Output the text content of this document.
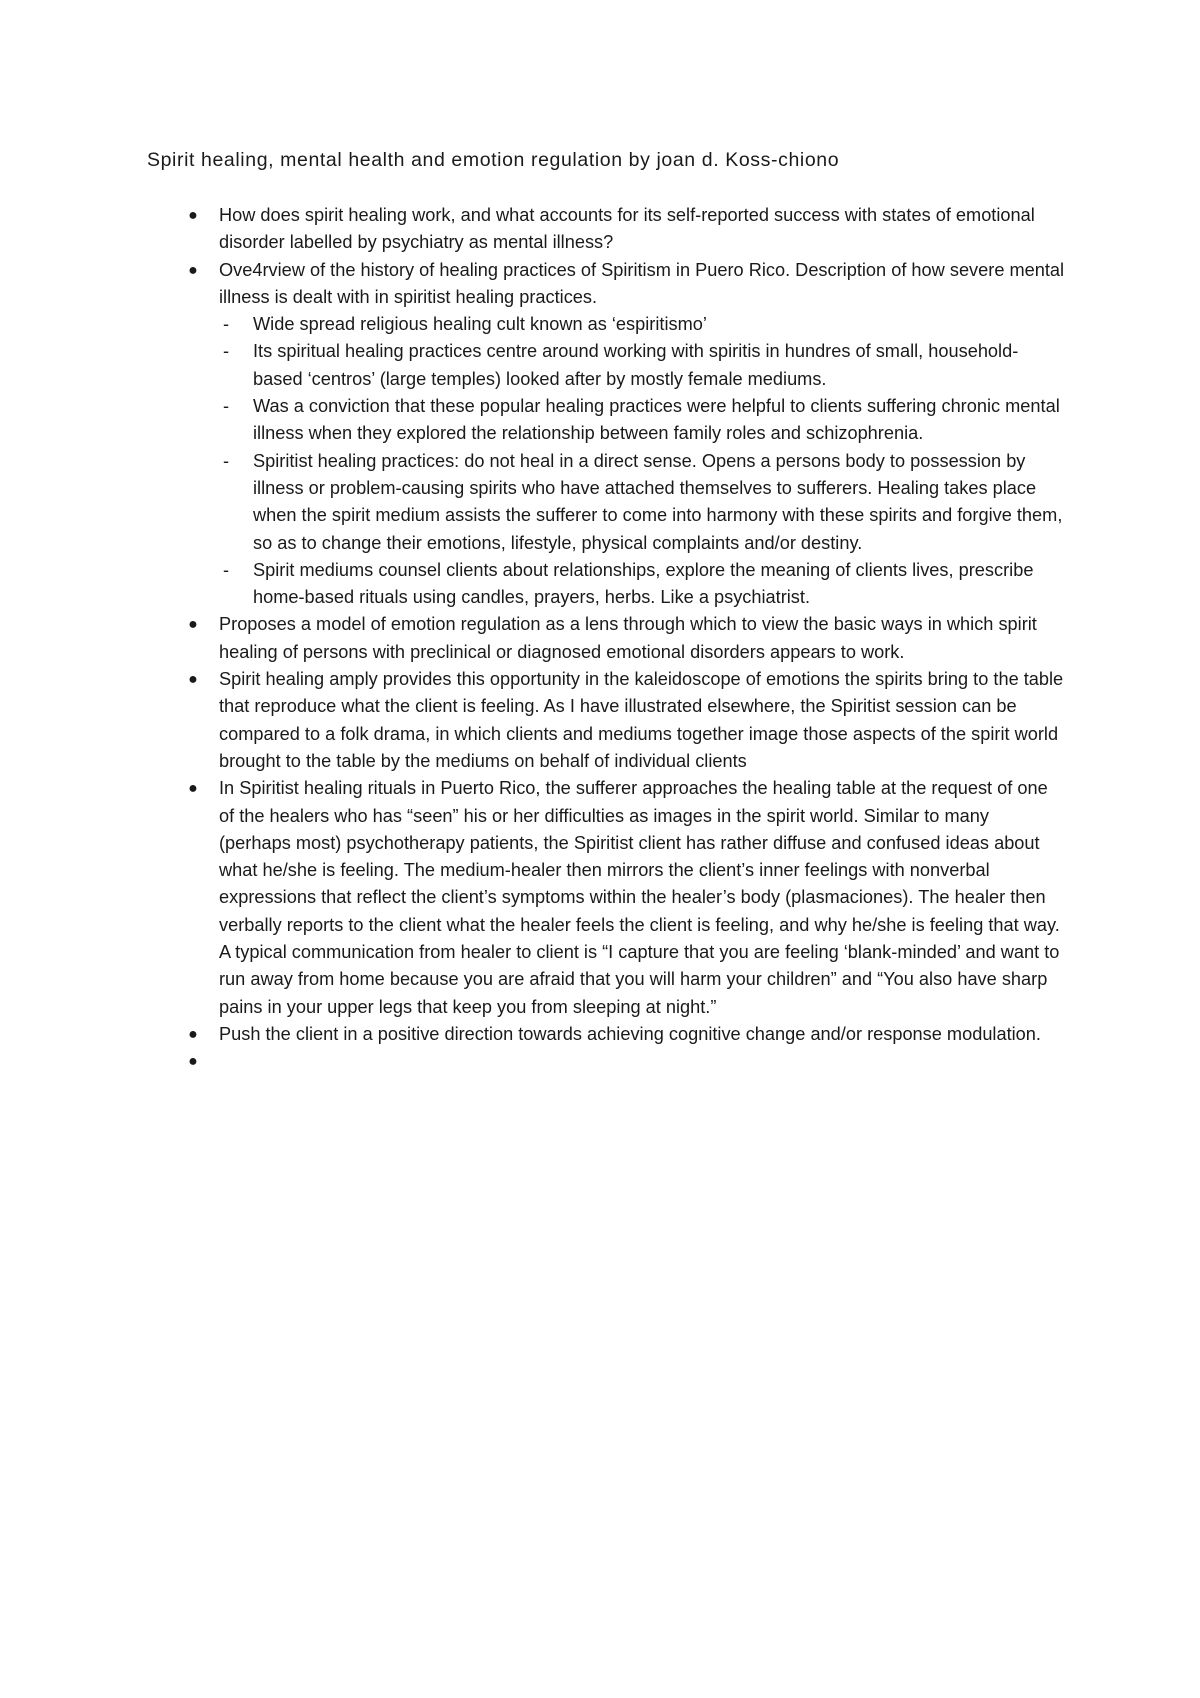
Spirit healing, mental health and emotion regulation by joan d. Koss-chiono

● How does spirit healing work, and what accounts for its self-reported success with states of emotional disorder labelled by psychiatry as mental illness?
● Ove4rview of the history of healing practices of Spiritism in Puero Rico. Description of how severe mental illness is dealt with in spiritist healing practices.
- Wide spread religious healing cult known as ‘espiritismo’
- Its spiritual healing practices centre around working with spiritis in hundres of small, household-based ‘centros’ (large temples) looked after by mostly female mediums.
- Was a conviction that these popular healing practices were helpful to clients suffering chronic mental illness when they explored the relationship between family roles and schizophrenia.
- Spiritist healing practices: do not heal in a direct sense. Opens a persons body to possession by illness or problem-causing spirits who have attached themselves to sufferers. Healing takes place when the spirit medium assists the sufferer to come into harmony with these spirits and forgive them, so as to change their emotions, lifestyle, physical complaints and/or destiny.
- Spirit mediums counsel clients about relationships, explore the meaning of clients lives, prescribe home-based rituals using candles, prayers, herbs. Like a psychiatrist.
● Proposes a model of emotion regulation as a lens through which to view the basic ways in which spirit healing of persons with preclinical or diagnosed emotional disorders appears to work.
● Spirit healing amply provides this opportunity in the kaleidoscope of emotions the spirits bring to the table that reproduce what the client is feeling. As I have illustrated elsewhere, the Spiritist session can be compared to a folk drama, in which clients and mediums together image those aspects of the spirit world brought to the table by the mediums on behalf of individual clients
● In Spiritist healing rituals in Puerto Rico, the sufferer approaches the healing table at the request of one of the healers who has “seen” his or her difficulties as images in the spirit world. Similar to many (perhaps most) psychotherapy patients, the Spiritist client has rather diffuse and confused ideas about what he/she is feeling. The medium-healer then mirrors the client’s inner feelings with nonverbal expressions that reflect the client’s symptoms within the healer’s body (plasmaciones). The healer then verbally reports to the client what the healer feels the client is feeling, and why he/she is feeling that way. A typical communication from healer to client is “I capture that you are feeling ‘blank-minded’ and want to run away from home because you are afraid that you will harm your children” and “You also have sharp pains in your upper legs that keep you from sleeping at night.”
● Push the client in a positive direction towards achieving cognitive change and/or response modulation.
●
